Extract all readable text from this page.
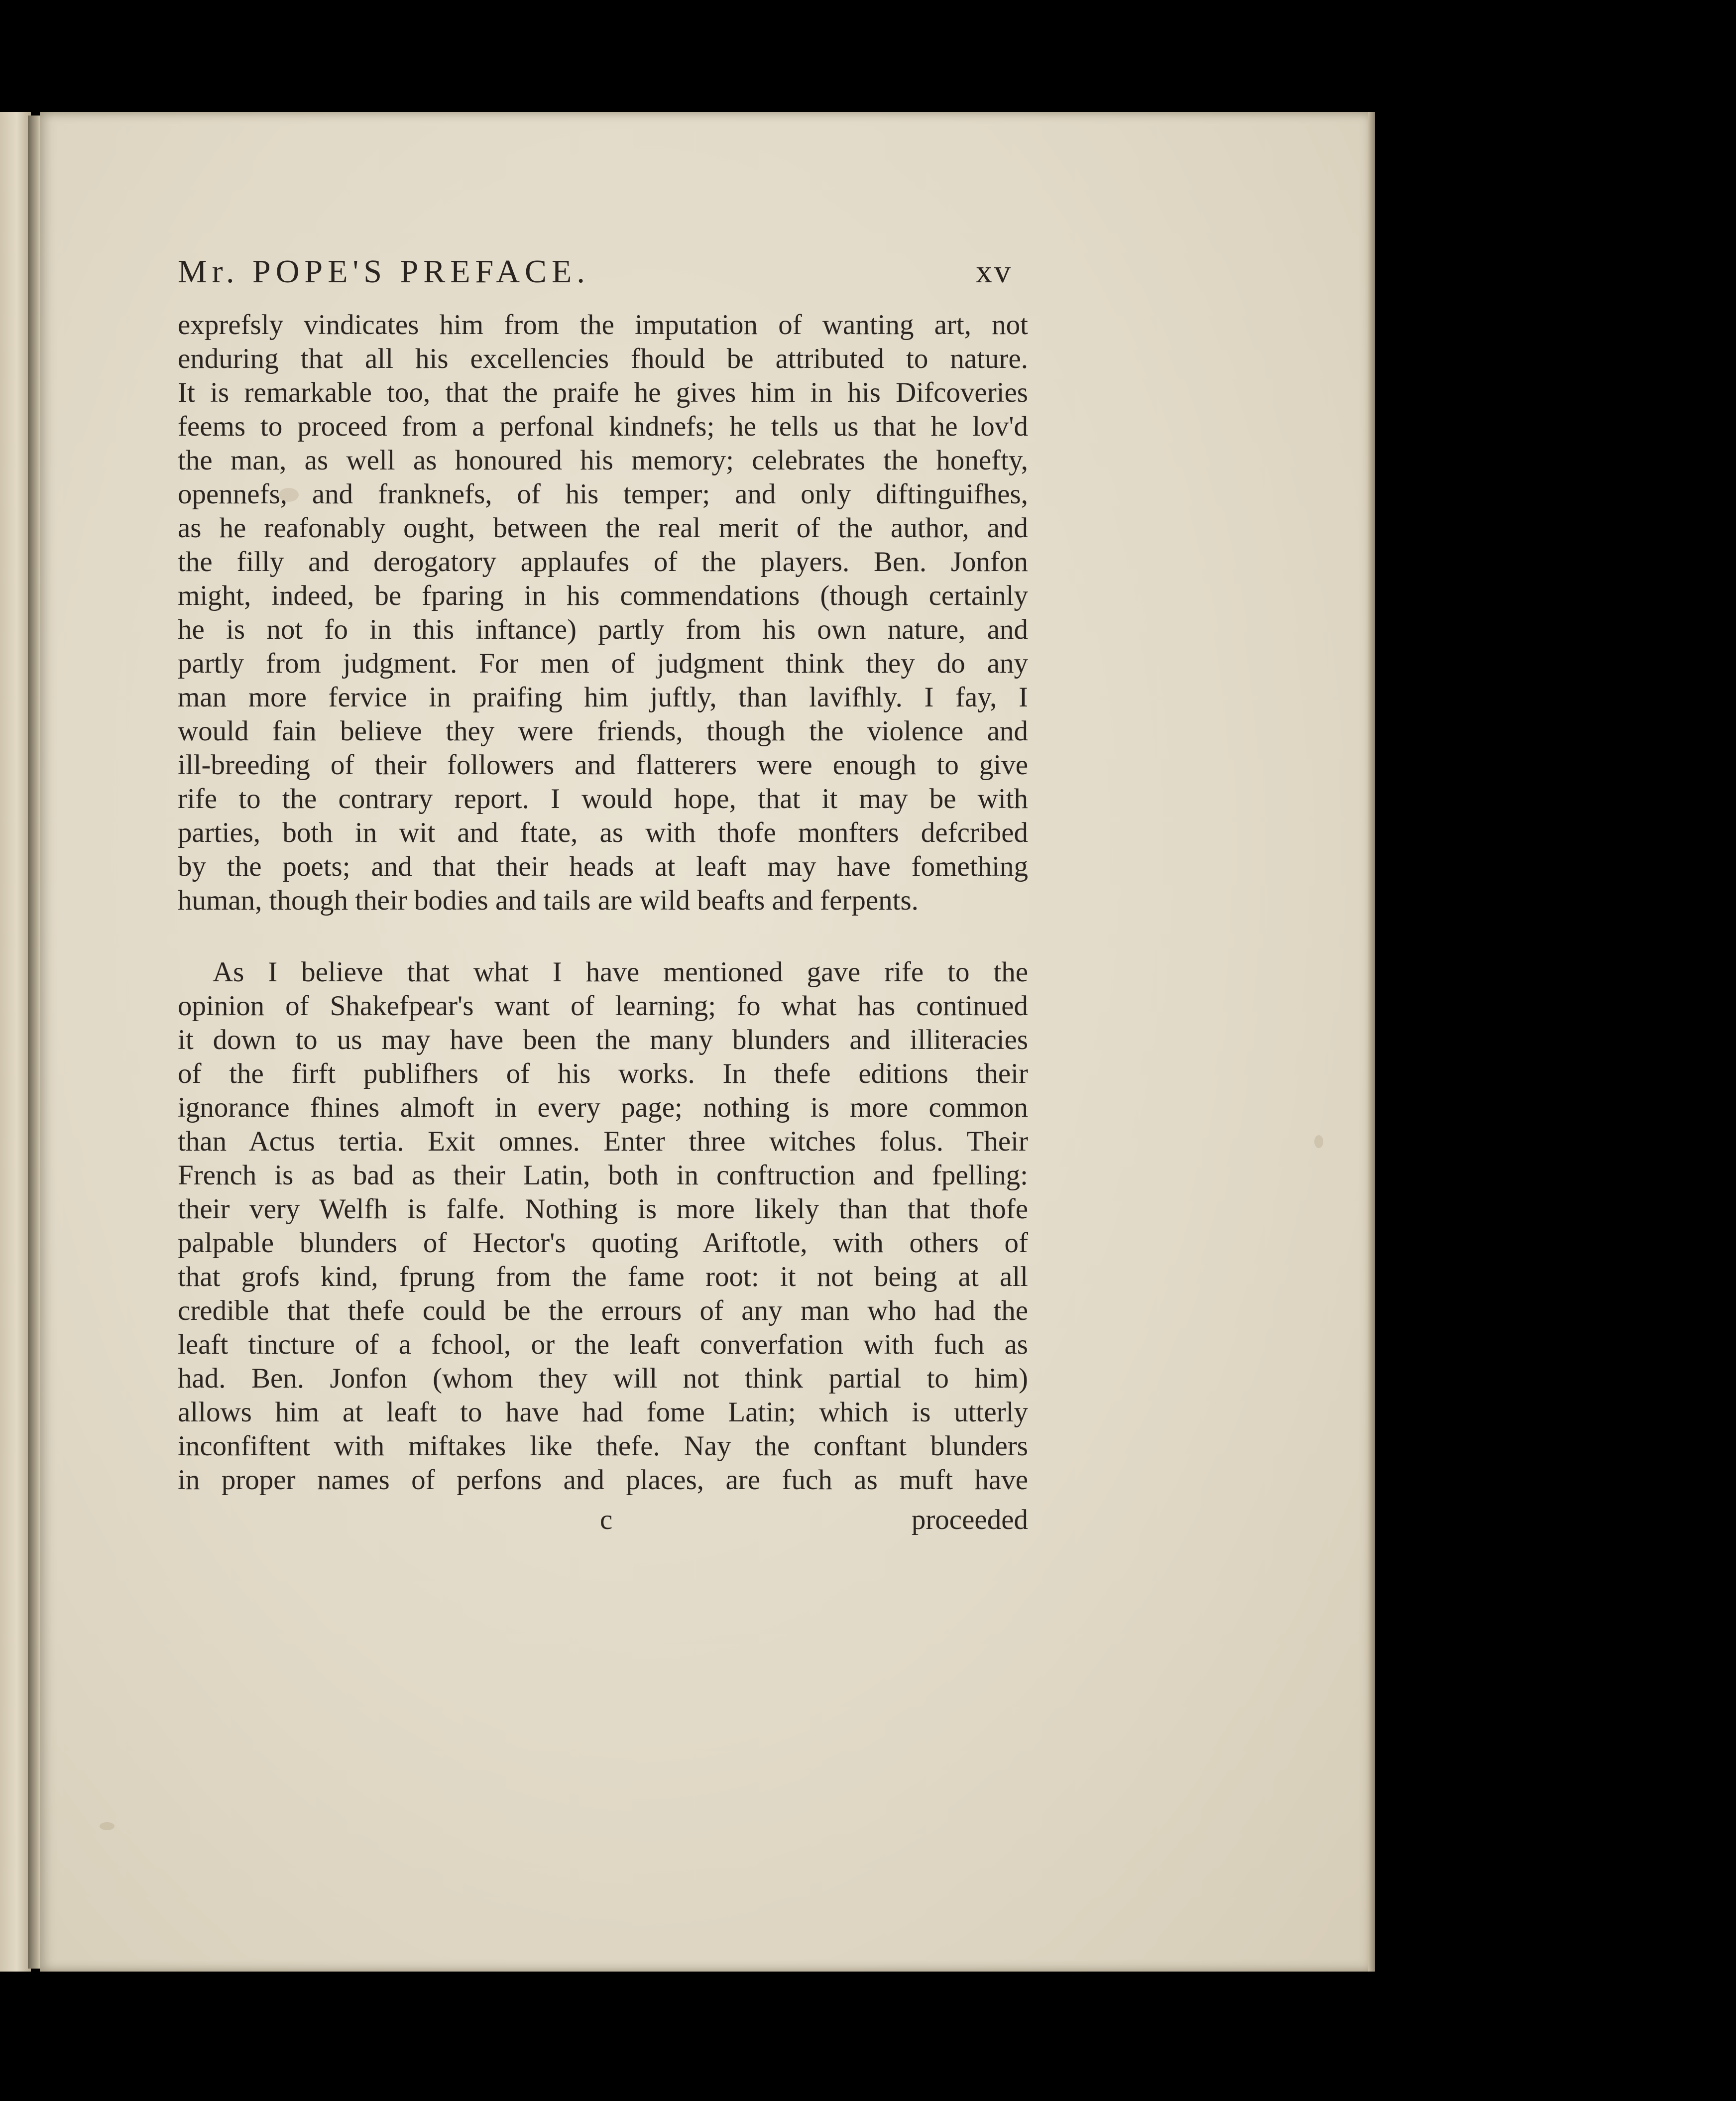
Mr. POPE'S PREFACE.	xv
exprefsly vindicates him from the imputation of wanting art, not
enduring that all his excellencies fhould be attributed to nature.
It is remarkable too, that the praife he gives him in his Difcoveries
feems to proceed from a perfonal kindnefs; he tells us that he lov'd
the man, as well as honoured his memory; celebrates the honefty,
opennefs, and franknefs, of his temper; and only diftinguifhes,
as he reafonably ought, between the real merit of the author, and
the filly and derogatory applaufes of the players. Ben. Jonfon
might, indeed, be fparing in his commendations (though certainly
he is not fo in this inftance) partly from his own nature, and
partly from judgment. For men of judgment think they do any
man more fervice in praifing him juftly, than lavifhly. I fay, I
would fain believe they were friends, though the violence and
ill-breeding of their followers and flatterers were enough to give
rife to the contrary report. I would hope, that it may be with
parties, both in wit and ftate, as with thofe monfters defcribed
by the poets; and that their heads at leaft may have fomething
human, though their bodies and tails are wild beafts and ferpents.
As I believe that what I have mentioned gave rife to the
opinion of Shakefpear's want of learning; fo what has continued
it down to us may have been the many blunders and illiteracies
of the firft publifhers of his works. In thefe editions their
ignorance fhines almoft in every page; nothing is more common
than Actus tertia. Exit omnes. Enter three witches folus. Their
French is as bad as their Latin, both in conftruction and fpelling:
their very Welfh is falfe. Nothing is more likely than that thofe
palpable blunders of Hector's quoting Ariftotle, with others of
that grofs kind, fprung from the fame root: it not being at all
credible that thefe could be the errours of any man who had the
leaft tincture of a fchool, or the leaft converfation with fuch as
had. Ben. Jonfon (whom they will not think partial to him)
allows him at leaft to have had fome Latin; which is utterly
inconfiftent with miftakes like thefe. Nay the conftant blunders
in proper names of perfons and places, are fuch as muft have
c	proceeded
